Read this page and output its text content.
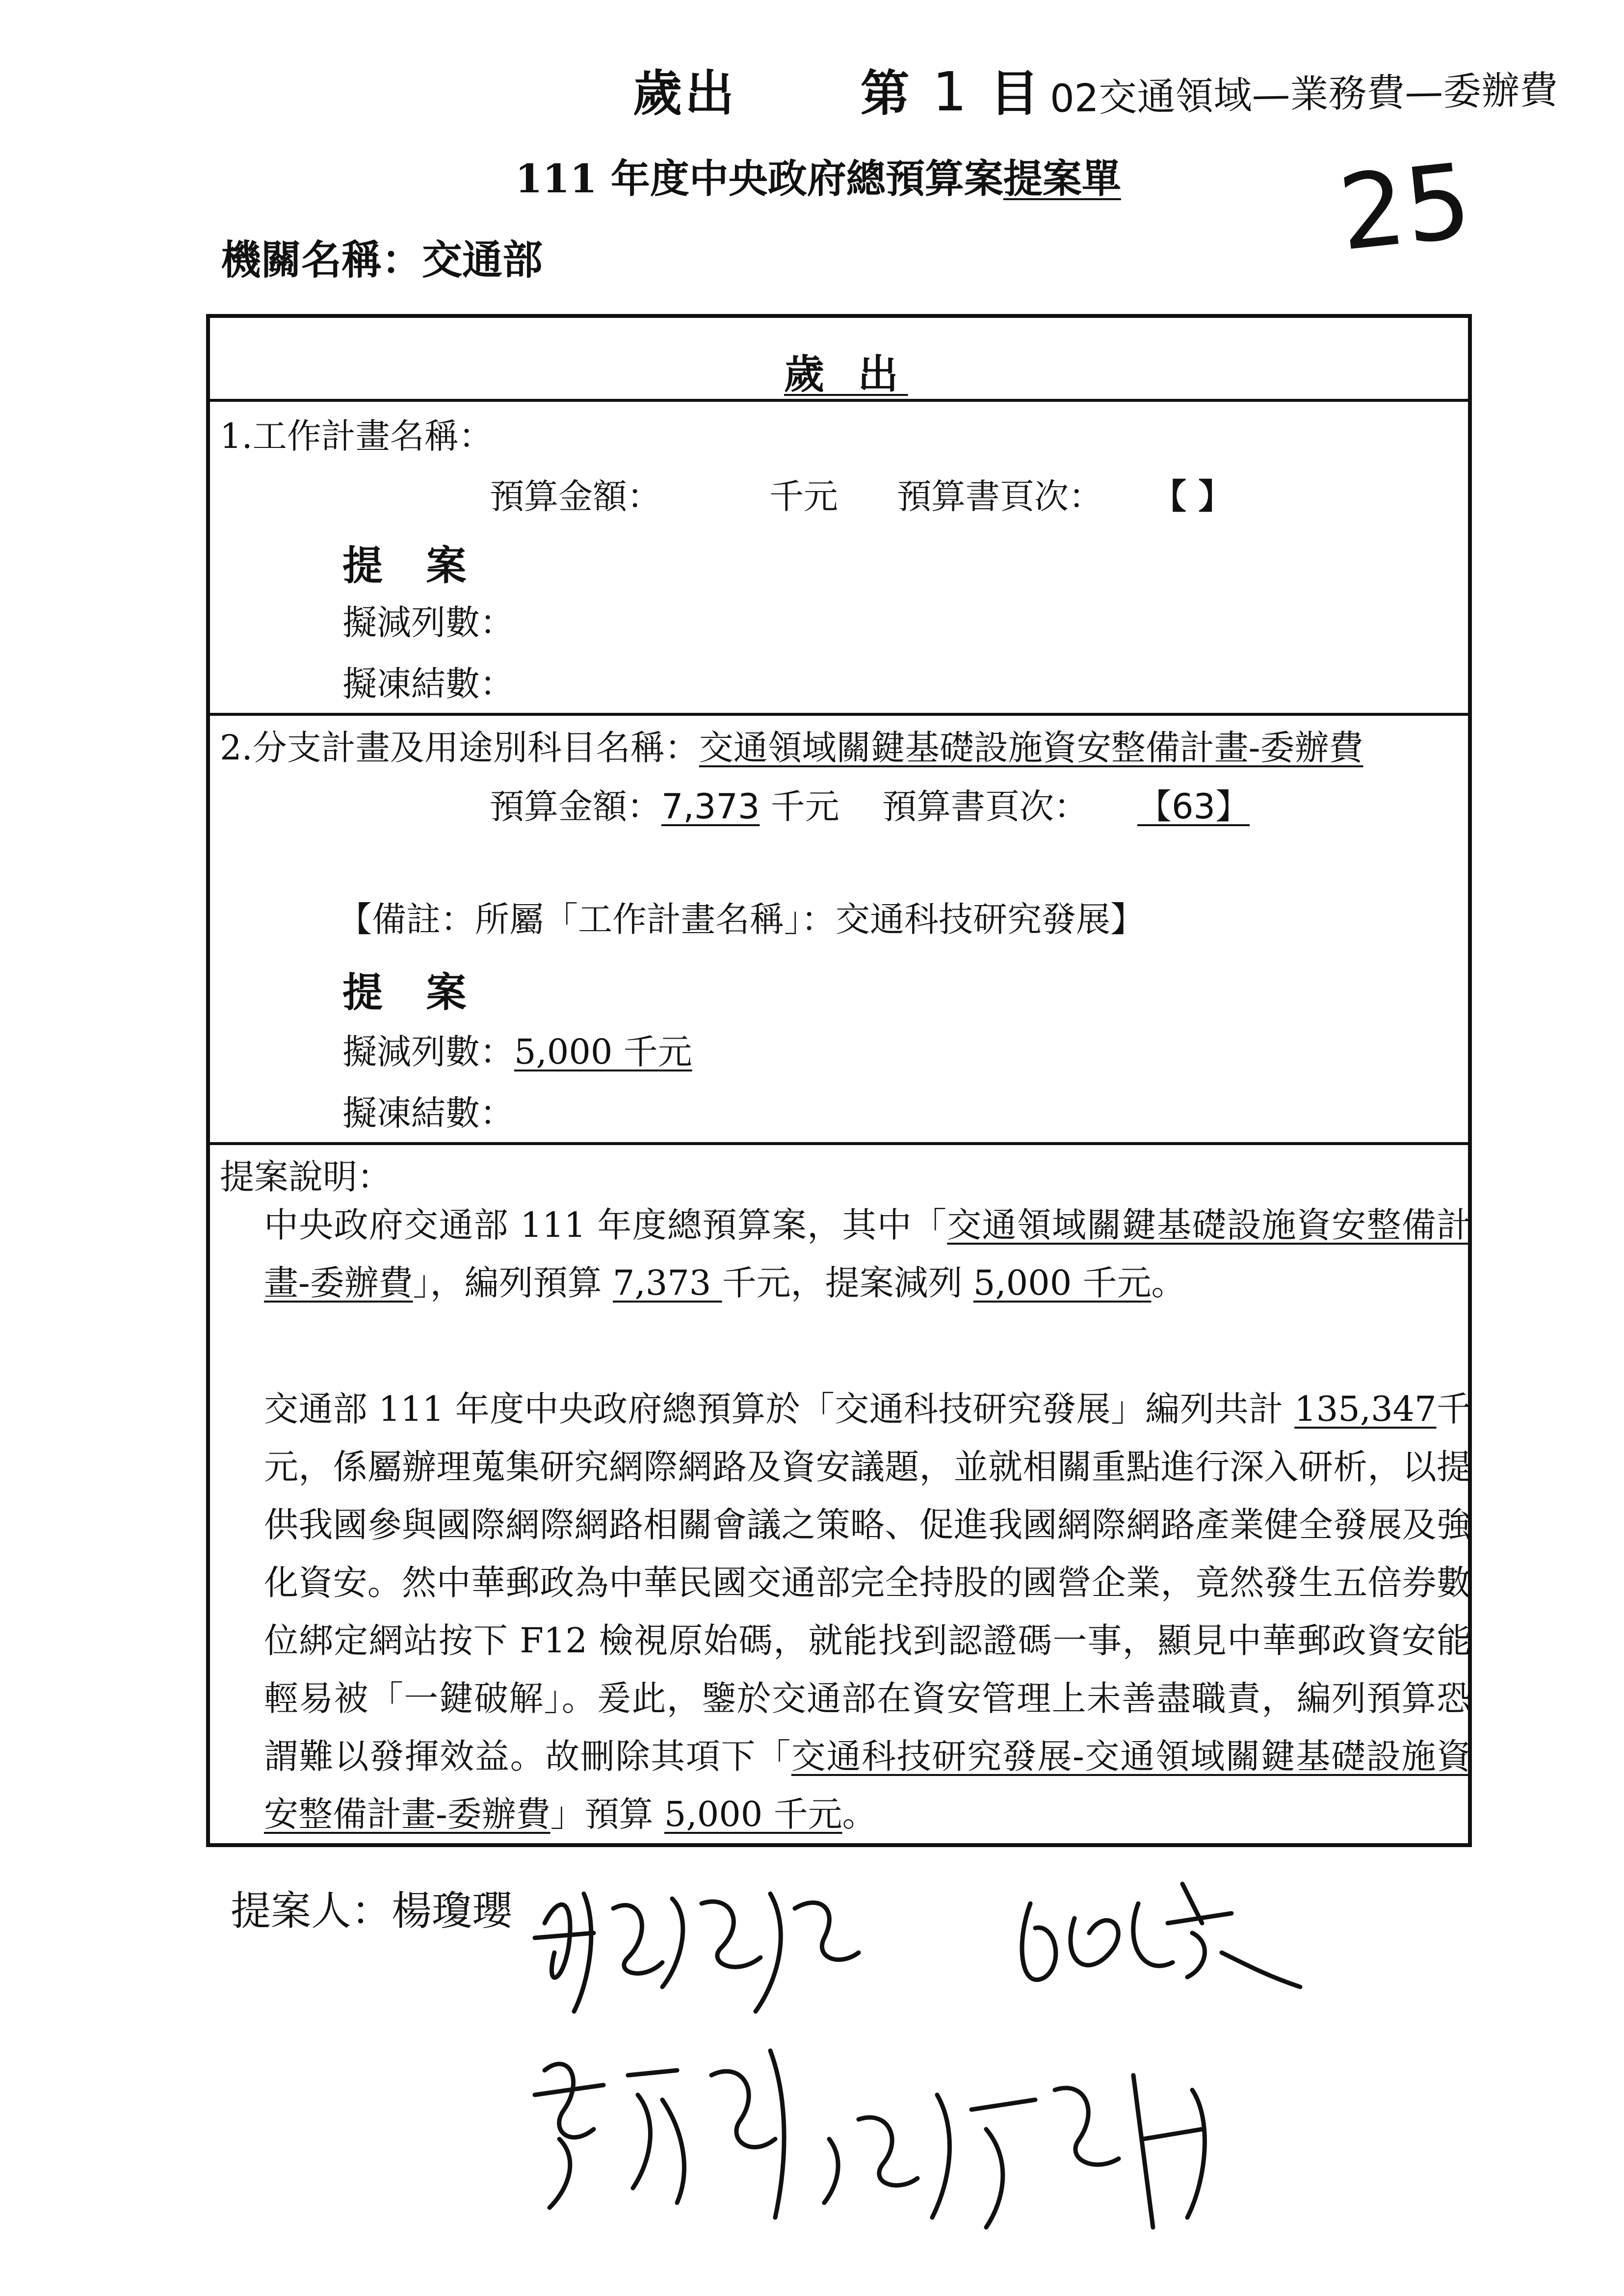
歲出	第 1 目 02交通領域—業務費—委辦費
111 年度中央政府總預算案提案單 25
機關名稱：交通部
歲 出
1.工作計畫名稱：
預算金額：	千元 預算書頁次： 【 】
提 案
擬減列數：
擬凍結數：
2.分支計畫及用途別科目名稱：交通領域關鍵基礎設施資安整備計畫-委辦費
預算金額：7,373 千元 預算書頁次： 【63】
【備註：所屬「工作計畫名稱」：交通科技研究發展】
提 案
擬減列數：5,000 千元
擬凍結數：
提案說明：
中央政府交通部 111 年度總預算案，其中「交通領域關鍵基礎設施資安整備計畫-委辦費」，編列預算 7,373 千元，提案減列 5,000 千元。
交通部 111 年度中央政府總預算於「交通科技研究發展」編列共計 135,347千元，係屬辦理蒐集研究網際網路及資安議題，並就相關重點進行深入研析，以提供我國參與國際網際網路相關會議之策略、促進我國網際網路產業健全發展及強化資安。然中華郵政為中華民國交通部完全持股的國營企業，竟然發生五倍券數位綁定網站按下 F12 檢視原始碼，就能找到認證碼一事，顯見中華郵政資安能輕易被「一鍵破解」。爰此，鑒於交通部在資安管理上未善盡職責，編列預算恐謂難以發揮效益。故刪除其項下「交通科技研究發展-交通領域關鍵基礎設施資安整備計畫-委辦費」預算 5,000 千元。
提案人：楊瓊瓔
